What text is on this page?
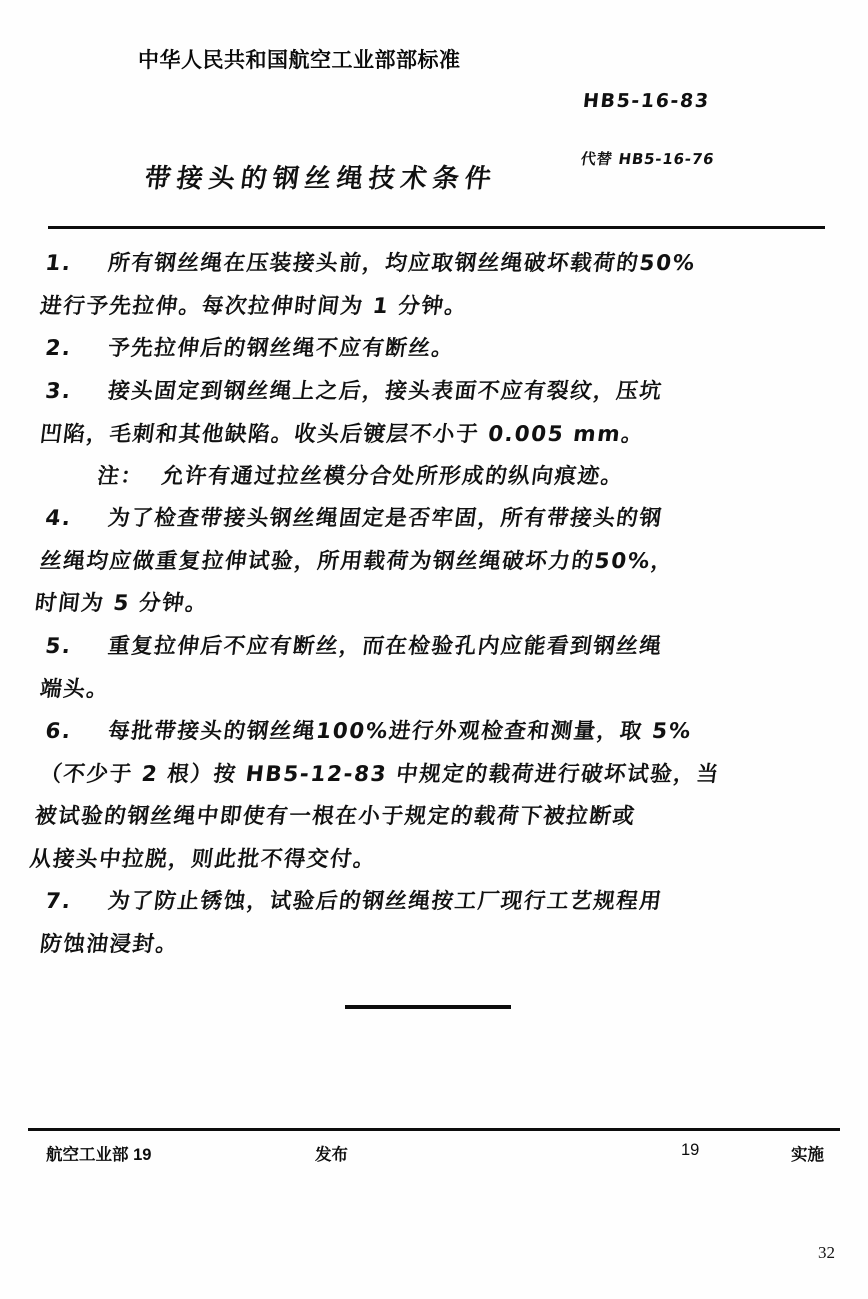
中华人民共和国航空工业部部标准
HB5-16-83
带接头的钢丝绳技术条件
代替 HB5-16-76
1.    所有钢丝绳在压装接头前，均应取钢丝绳破坏载荷的50%
进行予先拉伸。每次拉伸时间为 1 分钟。
2.    予先拉伸后的钢丝绳不应有断丝。
3.    接头固定到钢丝绳上之后，接头表面不应有裂纹，压坑
凹陷，毛刺和其他缺陷。收头后镀层不小于 0.005 mm。
注：  允许有通过拉丝模分合处所形成的纵向痕迹。
4.    为了检查带接头钢丝绳固定是否牢固，所有带接头的钢
丝绳均应做重复拉伸试验，所用载荷为钢丝绳破坏力的50%，
时间为 5 分钟。
5.    重复拉伸后不应有断丝，而在检验孔内应能看到钢丝绳
端头。
6.    每批带接头的钢丝绳100%进行外观检查和测量，取 5%
（不少于 2 根）按 HB5-12-83 中规定的载荷进行破坏试验，当
被试验的钢丝绳中即使有一根在小于规定的载荷下被拉断或
从接头中拉脱，则此批不得交付。
7.    为了防止锈蚀，试验后的钢丝绳按工厂现行工艺规程用
防蚀油浸封。
航空工业部 19	发布	19	实施
32
